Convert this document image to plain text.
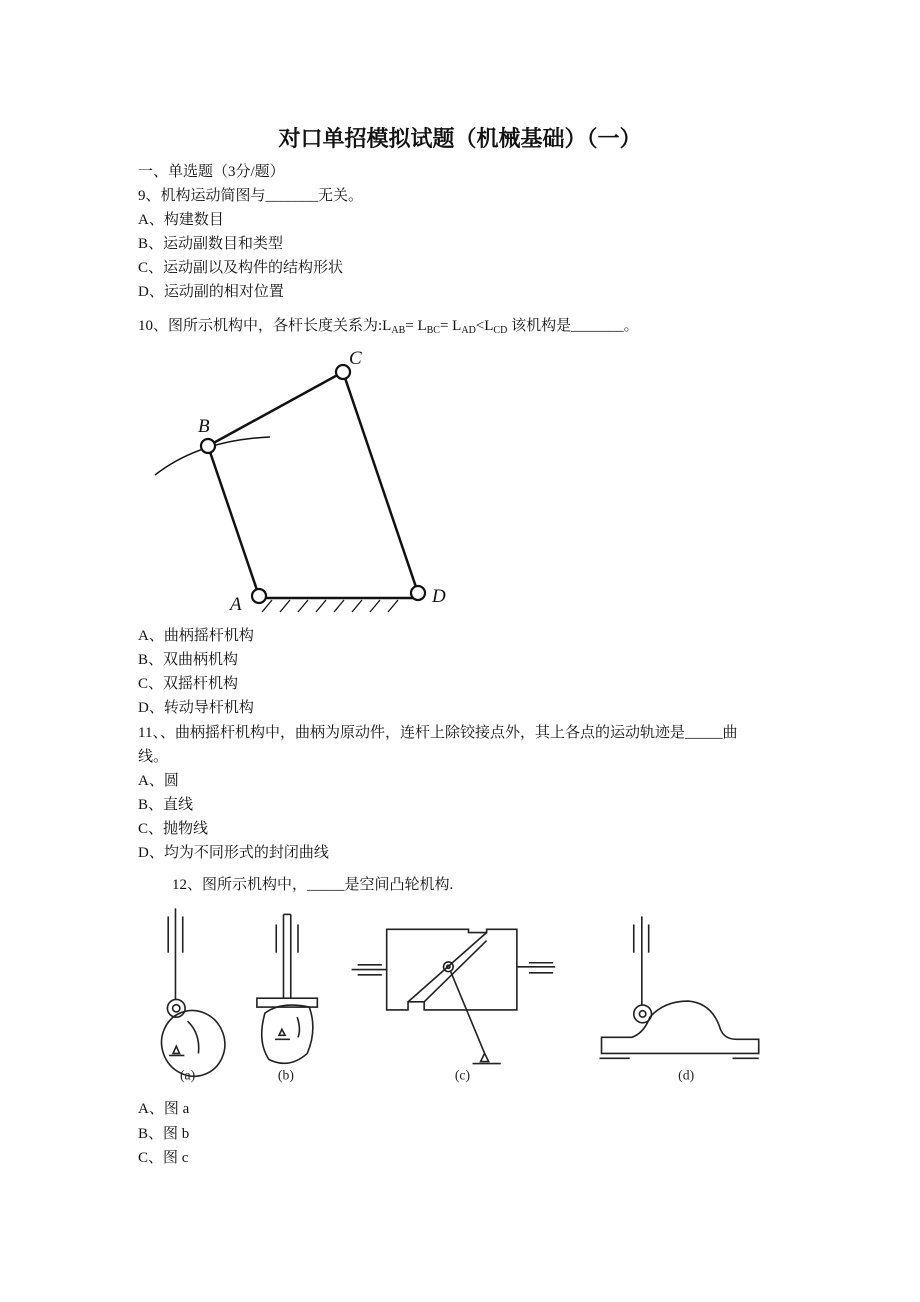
对口单招模拟试题（机械基础）（一）
一、单选题（3分/题）
9、机构运动简图与_______无关。
A、构建数目
B、运动副数目和类型
C、运动副以及构件的结构形状
D、运动副的相对位置
10、图所示机构中，各杆长度关系为$:L_{AB}= L_{BC}= L_{AD}<L_{CD}$ 该机构是_______。
A
B
C
D
A、曲柄摇杆机构
B、双曲柄机构
C、双摇杆机构
D、转动导杆机构
11、、曲柄摇杆机构中，曲柄为原动件，连杆上除铰接点外，其上各点的运动轨迹是_____曲
线。
A、圆
B、直线
C、抛物线
D、均为不同形式的封闭曲线
12、图所示机构中，_____是空间凸轮机构.
(a) (b)	(c)	(d)
A、图 a
B、图 b
C、图 c
